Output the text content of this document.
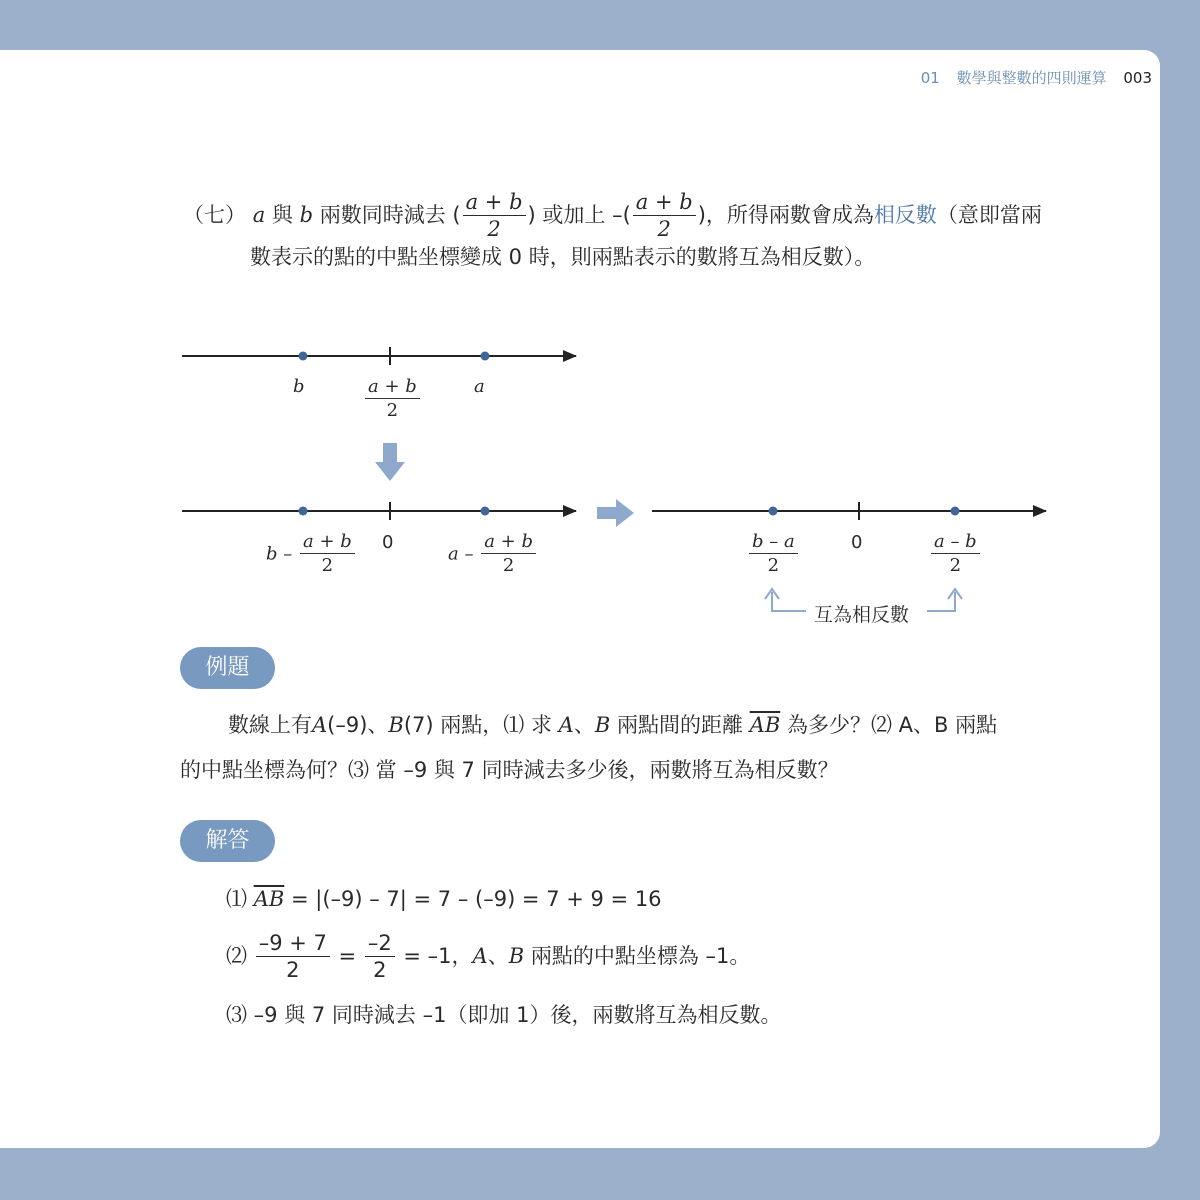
01 數學與整數的四則運算 003
（七） a 與 b 兩數同時減去 ( $\frac{a + b}{2}$ ) 或加上 –( $\frac{a + b}{2}$ )，所得兩數會成為相反數（意即當兩
數表示的點的中點坐標變成 0 時，則兩點表示的數將互為相反數）。
b	a
$\frac{a + b}{2}$
b – $\frac{a + b}{2} 0$
a – $\frac{a + b}{2}$	$\frac{b - a}{2}$	0	$\frac{a - b}{2}$
互為相反數
例題
數線上有A(–9)、B(7) 兩點，⑴ 求 A、B 兩點間的距離 $\overline{AB}$ 為多少？⑵ A、B 兩點
的中點坐標為何？⑶ 當 –9 與 7 同時減去多少後，兩數將互為相反數？
解答
⑴ $\overline{AB} = |(-9) - 7| = 7 - (-9) = 7 + 9 = 16$
⑵ $\frac{-9 + 7}{2} = \frac{-2}{2} = -1$，A、B 兩點的中點坐標為 –1。
⑶ –9 與 7 同時減去 –1（即加 1）後，兩數將互為相反數。
